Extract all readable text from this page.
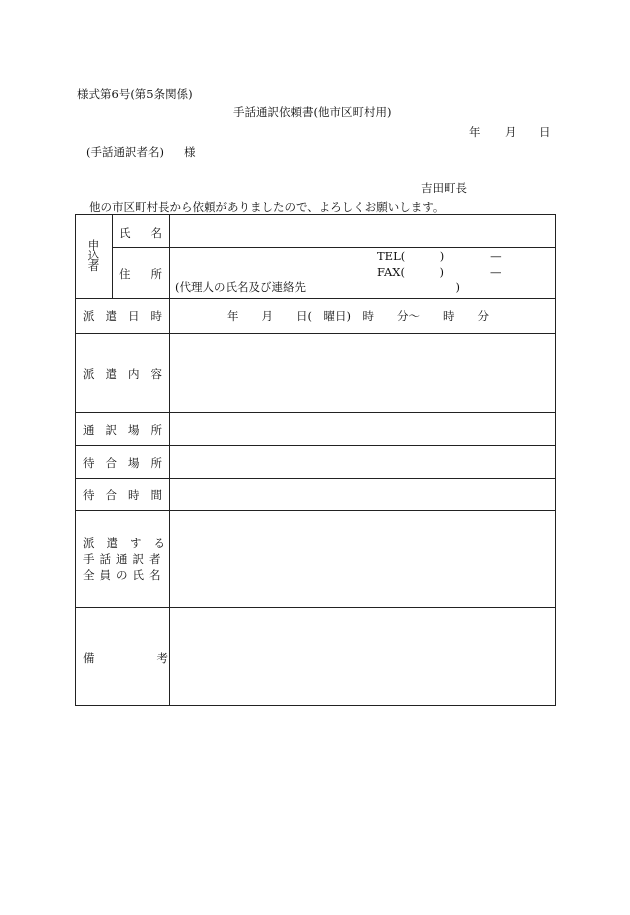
様式第6号(第5条関係)
手話通訳依頼書(他市区町村用)
年 月 日
(手話通訳者名) 様
吉田町長
他の市区町村長から依頼がありましたので、よろしくお願いします。
申込者
氏名
住所
TEL(　　　)　　　　—
FAX(　　　)　　　　—
(代理人の氏名及び連絡先　　　　　　　　　　　　　)
派遣日時	年　　月　　日(　曜日)　時　　分〜　　時　　分
派遣内容
通訳場所
待合場所
待合時間
派遣する
手話通訳者
全員の氏名
備考
